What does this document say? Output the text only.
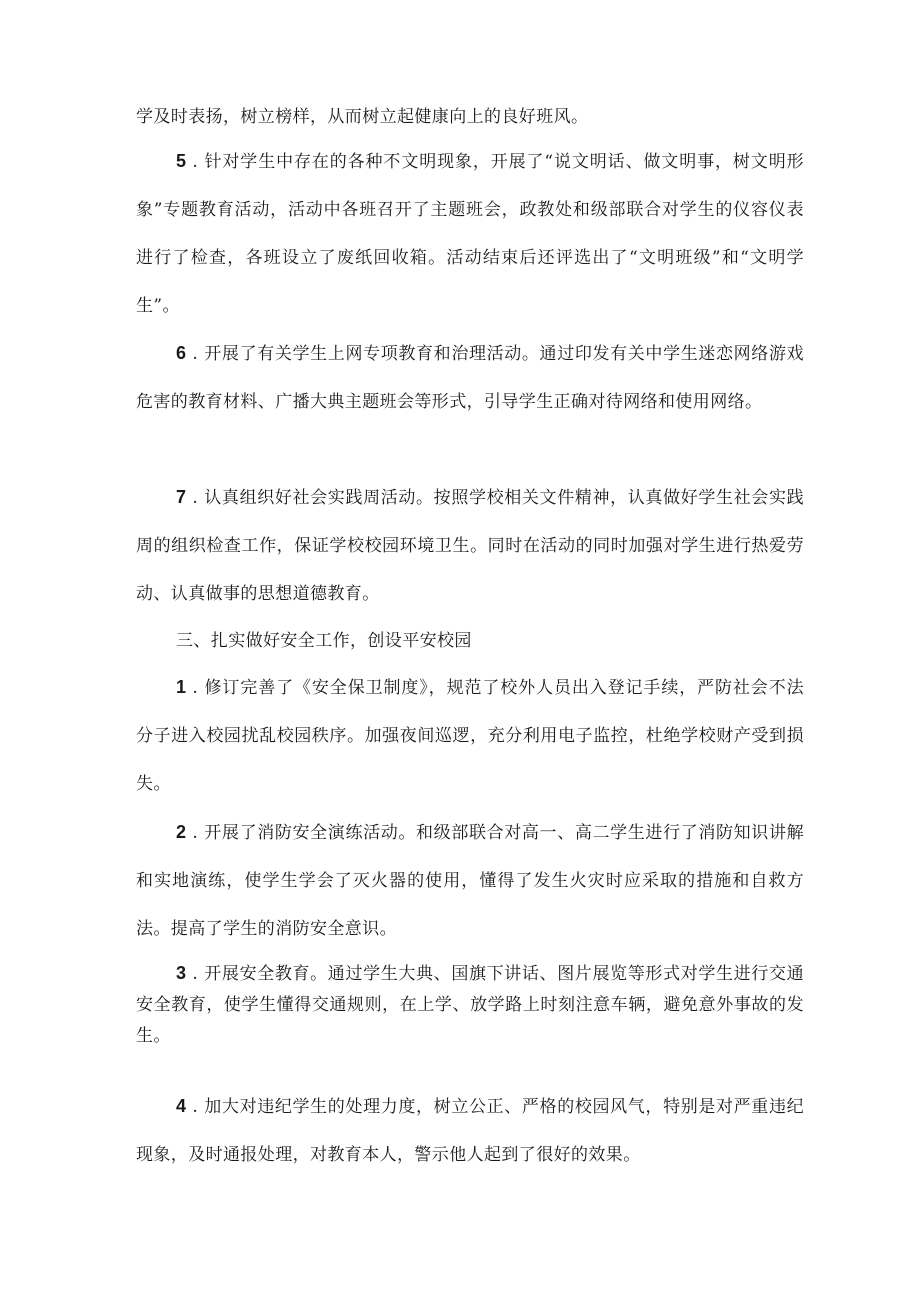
学及时表扬，树立榜样，从而树立起健康向上的良好班风。

5 . 针对学生中存在的各种不文明现象，开展了“说文明话、做文明事，树文明形象”专题教育活动，活动中各班召开了主题班会，政教处和级部联合对学生的仪容仪表进行了检查，各班设立了废纸回收箱。活动结束后还评选出了“文明班级”和“文明学生”。

6 . 开展了有关学生上网专项教育和治理活动。通过印发有关中学生迷恋网络游戏危害的教育材料、广播大典主题班会等形式，引导学生正确对待网络和使用网络。

7 . 认真组织好社会实践周活动。按照学校相关文件精神，认真做好学生社会实践周的组织检查工作，保证学校校园环境卫生。同时在活动的同时加强对学生进行热爱劳动、认真做事的思想道德教育。

三、扎实做好安全工作，创设平安校园

1 . 修订完善了《安全保卫制度》，规范了校外人员出入登记手续，严防社会不法分子进入校园扰乱校园秩序。加强夜间巡逻，充分利用电子监控，杜绝学校财产受到损失。

2 . 开展了消防安全演练活动。和级部联合对高一、高二学生进行了消防知识讲解和实地演练，使学生学会了灭火器的使用，懂得了发生火灾时应采取的措施和自救方法。提高了学生的消防安全意识。

3 . 开展安全教育。通过学生大典、国旗下讲话、图片展览等形式对学生进行交通安全教育，使学生懂得交通规则，在上学、放学路上时刻注意车辆，避免意外事故的发生。

4 . 加大对违纪学生的处理力度，树立公正、严格的校园风气，特别是对严重违纪现象，及时通报处理，对教育本人，警示他人起到了很好的效果。
